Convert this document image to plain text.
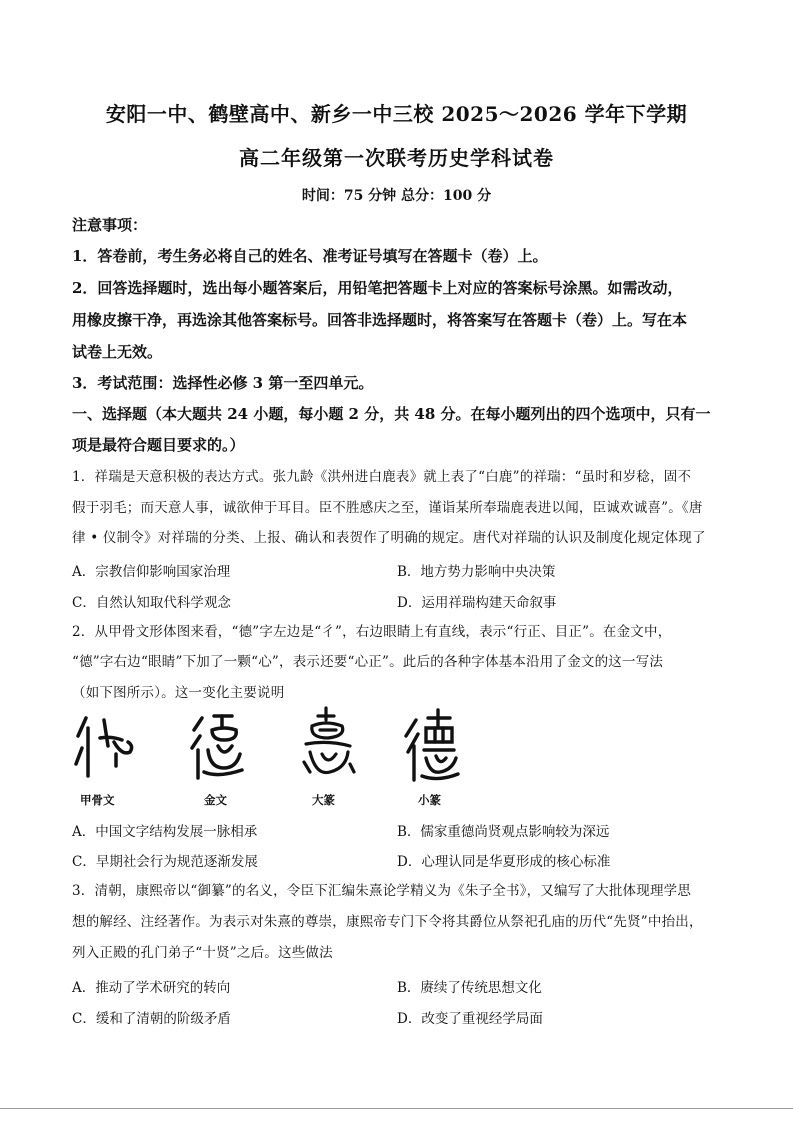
安阳一中、鹤壁高中、新乡一中三校 2025～2026 学年下学期
高二年级第一次联考历史学科试卷
时间：75 分钟 总分：100 分
注意事项：
1．答卷前，考生务必将自己的姓名、准考证号填写在答题卡（卷）上。
2．回答选择题时，选出每小题答案后，用铅笔把答题卡上对应的答案标号涂黑。如需改动，
用橡皮擦干净，再选涂其他答案标号。回答非选择题时，将答案写在答题卡（卷）上。写在本
试卷上无效。
3．考试范围：选择性必修 3 第一至四单元。
一、选择题（本大题共 24 小题，每小题 2 分，共 48 分。在每小题列出的四个选项中，只有一
项是最符合题目要求的。）
1．祥瑞是天意积极的表达方式。张九龄《洪州进白鹿表》就上表了“白鹿”的祥瑞：“虽时和岁稔，固不
假于羽毛；而天意人事，诚欲伸于耳目。臣不胜感庆之至，谨诣某所奉瑞鹿表进以闻，臣诚欢诚喜”。《唐
律 • 仪制令》对祥瑞的分类、上报、确认和表贺作了明确的规定。唐代对祥瑞的认识及制度化规定体现了
A．宗教信仰影响国家治理	B．地方势力影响中央决策
C．自然认知取代科学观念	D．运用祥瑞构建天命叙事
2．从甲骨文形体图来看，“德”字左边是“彳”，右边眼睛上有直线，表示“行正、目正”。在金文中，
“德”字右边“眼睛”下加了一颗“心”，表示还要“心正”。此后的各种字体基本沿用了金文的这一写法
（如下图所示）。这一变化主要说明
甲骨文	金文	大篆	小篆
A．中国文字结构发展一脉相承	B．儒家重德尚贤观点影响较为深远
C．早期社会行为规范逐渐发展	D．心理认同是华夏形成的核心标准
3．清朝，康熙帝以“御纂”的名义，令臣下汇编朱熹论学精义为《朱子全书》，又编写了大批体现理学思
想的解经、注经著作。为表示对朱熹的尊崇，康熙帝专门下令将其爵位从祭祀孔庙的历代“先贤”中抬出，
列入正殿的孔门弟子“十贤”之后。这些做法
A．推动了学术研究的转向	B．赓续了传统思想文化
C．缓和了清朝的阶级矛盾	D．改变了重视经学局面
